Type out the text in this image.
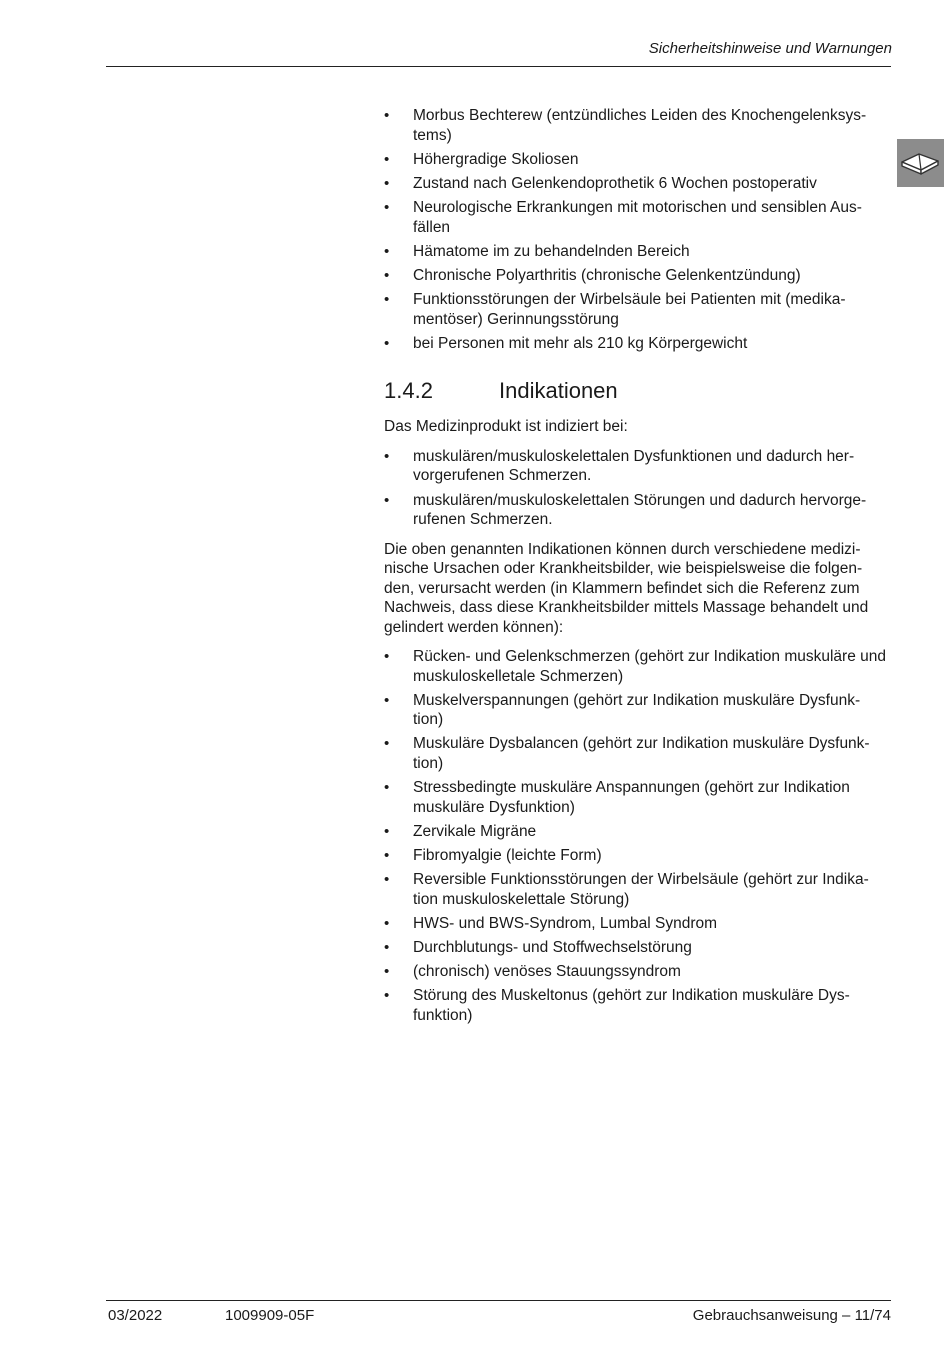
Sicherheitshinweise und Warnungen
• Morbus Bechterew (entzündliches Leiden des Knochengelenksys- tems)
• Höhergradige Skoliosen
• Zustand nach Gelenkendoprothetik 6 Wochen postoperativ
• Neurologische Erkrankungen mit motorischen und sensiblen Aus- fällen
• Hämatome im zu behandelnden Bereich
• Chronische Polyarthritis (chronische Gelenkentzündung)
• Funktionsstörungen der Wirbelsäule bei Patienten mit (medika- mentöser) Gerinnungsstörung
• bei Personen mit mehr als 210 kg Körpergewicht
1.4.2	Indikationen

Das Medizinprodukt ist indiziert bei:

• muskulären/muskuloskelettalen Dysfunktionen und dadurch her- vorgerufenen Schmerzen.
• muskulären/muskuloskelettalen Störungen und dadurch hervorge- rufenen Schmerzen.

Die oben genannten Indikationen können durch verschiedene medizi- nische Ursachen oder Krankheitsbilder, wie beispielsweise die folgen- den, verursacht werden (in Klammern befindet sich die Referenz zum Nachweis, dass diese Krankheitsbilder mittels Massage behandelt und gelindert werden können):

• Rücken- und Gelenkschmerzen (gehört zur Indikation muskuläre und muskuloskelletale Schmerzen)
• Muskelverspannungen (gehört zur Indikation muskuläre Dysfunk- tion)
• Muskuläre Dysbalancen (gehört zur Indikation muskuläre Dysfunk- tion)
• Stressbedingte muskuläre Anspannungen (gehört zur Indikation muskuläre Dysfunktion)
• Zervikale Migräne
• Fibromyalgie (leichte Form)
• Reversible Funktionsstörungen der Wirbelsäule (gehört zur Indika- tion muskuloskelettale Störung)
• HWS- und BWS-Syndrom, Lumbal Syndrom
• Durchblutungs- und Stoffwechselstörung
• (chronisch) venöses Stauungssyndrom
• Störung des Muskeltonus (gehört zur Indikation muskuläre Dys- funktion)
03/2022	1009909-05F	Gebrauchsanweisung – 11/74
